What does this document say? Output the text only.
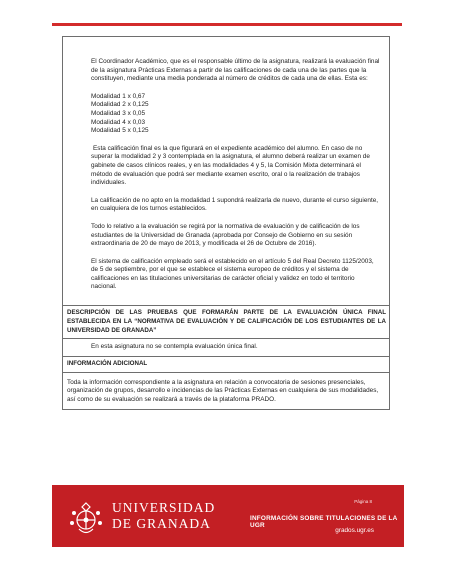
El Coordinador Académico, que es el responsable último de la asignatura, realizará la evaluación final de la asignatura Prácticas Externas a partir de las calificaciones de cada una de las partes que la constituyen, mediante una media ponderada al número de créditos de cada una de ellas. Esta es:

Modalidad 1 x 0,67
Modalidad 2 x 0,125
Modalidad 3 x 0,05
Modalidad 4 x 0,03
Modalidad 5 x 0,125

Esta calificación final es la que figurará en el expediente académico del alumno. En caso de no superar la modalidad 2 y 3 contemplada en la asignatura, el alumno deberá realizar un examen de gabinete de casos clínicos reales, y en las modalidades 4 y 5, la Comisión Mixta determinará el método de evaluación que podrá ser mediante examen escrito, oral o la realización de trabajos individuales.

La calificación de no apto en la modalidad 1 supondrá realizarla de nuevo, durante el curso siguiente, en cualquiera de los turnos establecidos.

Todo lo relativo a la evaluación se regirá por la normativa de evaluación y de calificación de los estudiantes de la Universidad de Granada (aprobada por Consejo de Gobierno en su sesión extraordinaria de 20 de mayo de 2013, y modificada el 26 de Octubre de 2016).

El sistema de calificación empleado será el establecido en el artículo 5 del Real Decreto 1125/2003, de 5 de septiembre, por el que se establece el sistema europeo de créditos y el sistema de calificaciones en las titulaciones universitarias de carácter oficial y validez en todo el territorio nacional.

DESCRIPCIÓN DE LAS PRUEBAS QUE FORMARÁN PARTE DE LA EVALUACIÓN ÚNICA FINAL ESTABLECIDA EN LA “NORMATIVA DE EVALUACIÓN Y DE CALIFICACIÓN DE LOS ESTUDIANTES DE LA UNIVERSIDAD DE GRANADA”
En esta asignatura no se contempla evaluación única final.
INFORMACIÓN ADICIONAL

Toda la información correspondiente a la asignatura en relación a convocatoria de sesiones presenciales, organización de grupos, desarrollo e incidencias de las Prácticas Externas en cualquiera de sus modalidades, así como de su evaluación se realizará a través de la plataforma PRADO.

UNIVERSIDAD
DE GRANADA
Página 8
INFORMACIÓN SOBRE TITULACIONES DE LA UGR
grados.ugr.es
